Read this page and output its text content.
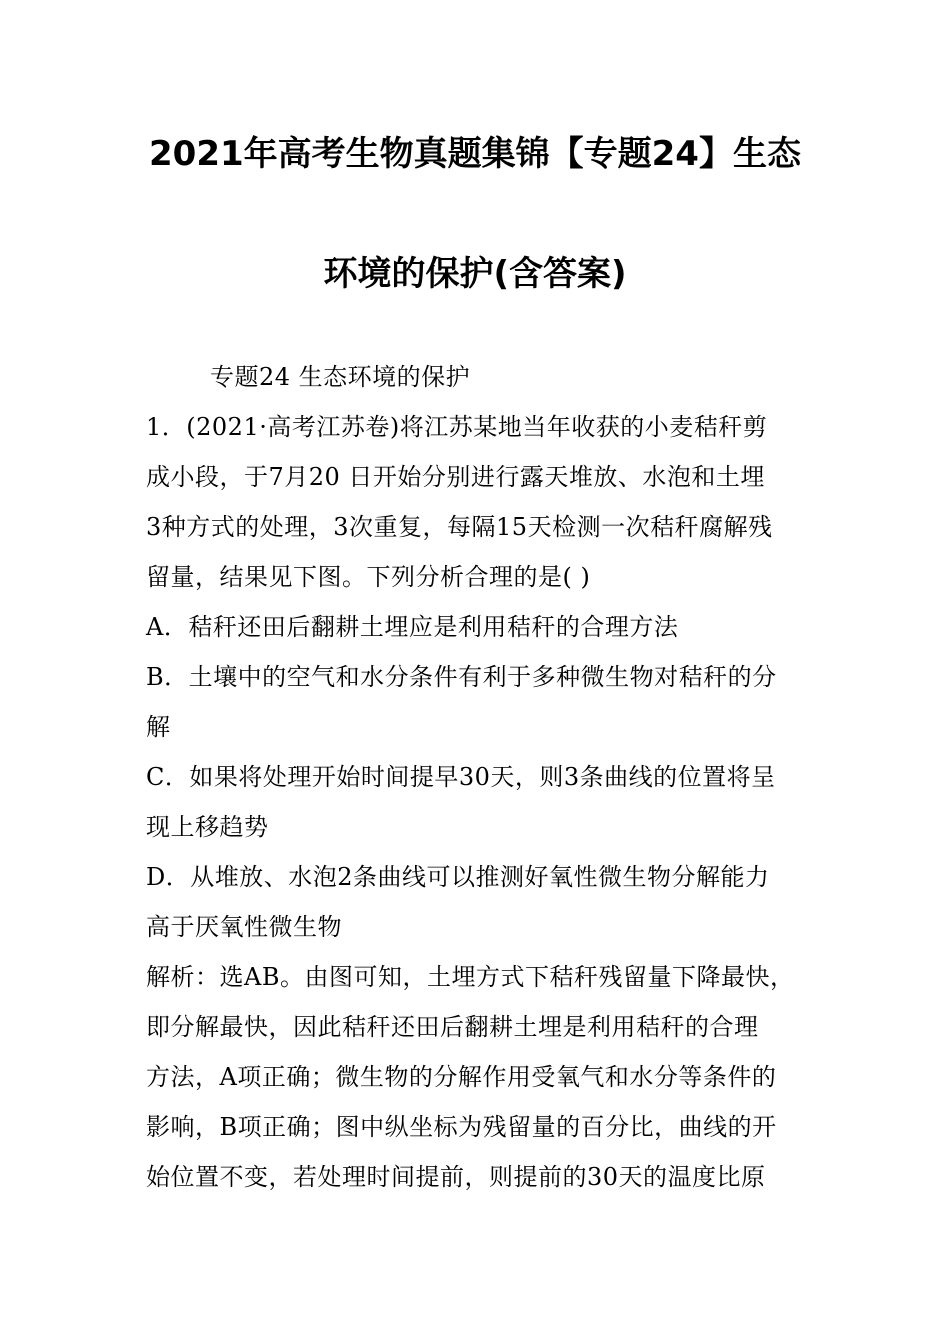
2021年高考生物真题集锦【专题24】生态
环境的保护(含答案)
专题24 生态环境的保护
1．(2021·高考江苏卷)将江苏某地当年收获的小麦秸秆剪
成小段，于7月20 日开始分别进行露天堆放、水泡和土埋
3种方式的处理，3次重复，每隔15天检测一次秸秆腐解残
留量，结果见下图。下列分析合理的是( )
A．秸秆还田后翻耕土埋应是利用秸秆的合理方法
B．土壤中的空气和水分条件有利于多种微生物对秸秆的分
解
C．如果将处理开始时间提早30天，则3条曲线的位置将呈
现上移趋势
D．从堆放、水泡2条曲线可以推测好氧性微生物分解能力
高于厌氧性微生物
解析：选AB。由图可知，土埋方式下秸秆残留量下降最快，
即分解最快，因此秸秆还田后翻耕土埋是利用秸秆的合理
方法，A项正确；微生物的分解作用受氧气和水分等条件的
影响，B项正确；图中纵坐标为残留量的百分比，曲线的开
始位置不变，若处理时间提前，则提前的30天的温度比原
